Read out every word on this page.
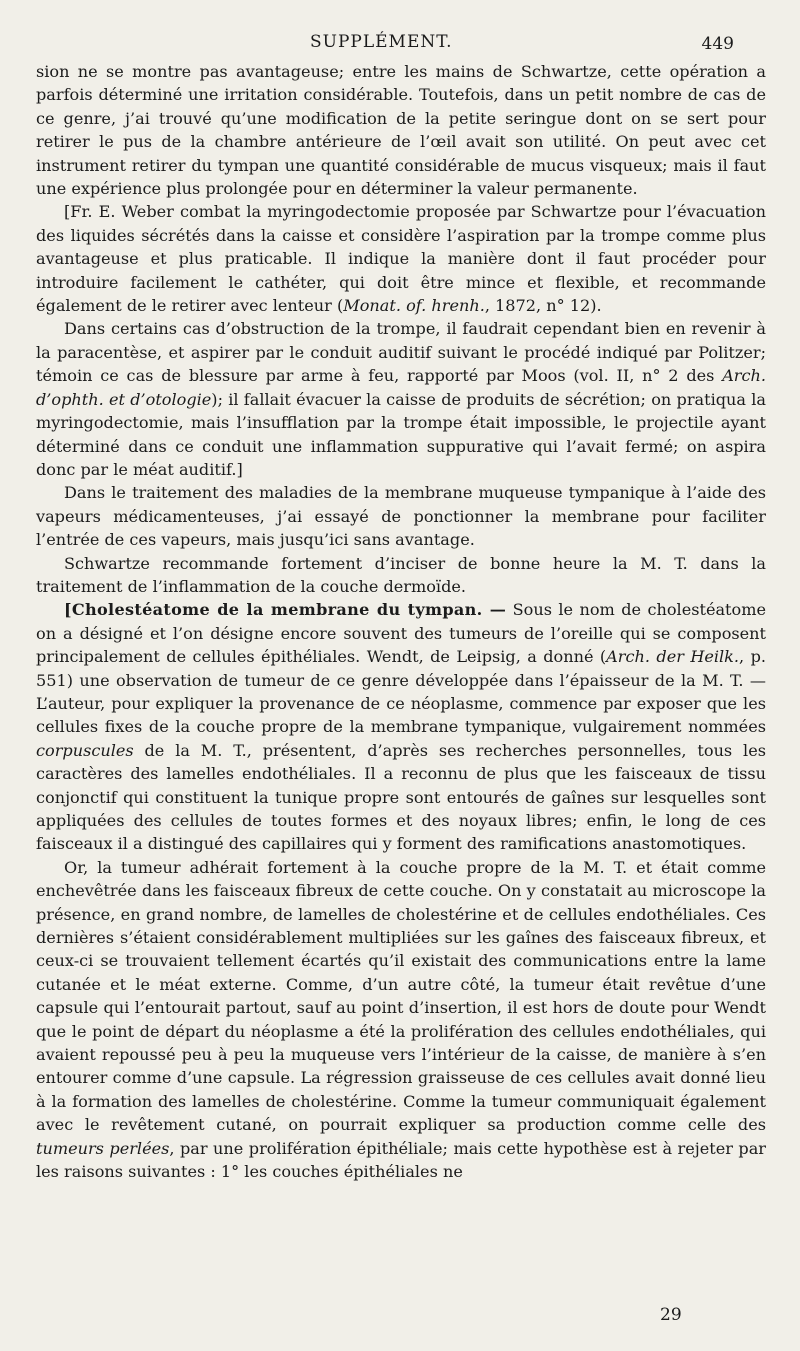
SUPPLÉMENT.	449

sion ne se montre pas avantageuse; entre les mains de Schwartze, cette opération a parfois déterminé une irritation considérable. Toutefois, dans un petit nombre de cas de ce genre, j’ai trouvé qu’une modification de la petite seringue dont on se sert pour retirer le pus de la chambre antérieure de l’œil avait son utilité. On peut avec cet instrument retirer du tympan une quantité considérable de mucus visqueux; mais il faut une expérience plus prolongée pour en déterminer la valeur permanente.

[Fr. E. Weber combat la myringodectomie proposée par Schwartze pour l’évacuation des liquides sécrétés dans la caisse et considère l’aspiration par la trompe comme plus avantageuse et plus praticable. Il indique la manière dont il faut procéder pour introduire facilement le cathéter, qui doit être mince et flexible, et recommande également de le retirer avec lenteur (Monat. of. hrenh., 1872, n° 12).

Dans certains cas d’obstruction de la trompe, il faudrait cependant bien en revenir à la paracentèse, et aspirer par le conduit auditif suivant le procédé indiqué par Politzer; témoin ce cas de blessure par arme à feu, rapporté par Moos (vol. II, n° 2 des Arch. d’ophth. et d’otologie); il fallait évacuer la caisse de produits de sécrétion; on pratiqua la myringodectomie, mais l’insufflation par la trompe était impossible, le projectile ayant déterminé dans ce conduit une inflammation suppurative qui l’avait fermé; on aspira donc par le méat auditif.]

Dans le traitement des maladies de la membrane muqueuse tympanique à l’aide des vapeurs médicamenteuses, j’ai essayé de ponctionner la membrane pour faciliter l’entrée de ces vapeurs, mais jusqu’ici sans avantage.

Schwartze recommande fortement d’inciser de bonne heure la M. T. dans la traitement de l’inflammation de la couche dermoïde.

[Cholestéatome de la membrane du tympan. — Sous le nom de cholestéatome on a désigné et l’on désigne encore souvent des tumeurs de l’oreille qui se composent principalement de cellules épithéliales. Wendt, de Leipsig, a donné (Arch. der Heilk., p. 551) une observation de tumeur de ce genre développée dans l’épaisseur de la M. T. — L’auteur, pour expliquer la provenance de ce néoplasme, commence par exposer que les cellules fixes de la couche propre de la membrane tympanique, vulgairement nommées corpuscules de la M. T., présentent, d’après ses recherches personnelles, tous les caractères des lamelles endothéliales. Il a reconnu de plus que les faisceaux de tissu conjonctif qui constituent la tunique propre sont entourés de gaînes sur lesquelles sont appliquées des cellules de toutes formes et des noyaux libres; enfin, le long de ces faisceaux il a distingué des capillaires qui y forment des ramifications anastomotiques.

Or, la tumeur adhérait fortement à la couche propre de la M. T. et était comme enchevêtrée dans les faisceaux fibreux de cette couche. On y constatait au microscope la présence, en grand nombre, de lamelles de cholestérine et de cellules endothéliales. Ces dernières s’étaient considérablement multipliées sur les gaînes des faisceaux fibreux, et ceux-ci se trouvaient tellement écartés qu’il existait des communications entre la lame cutanée et le méat externe. Comme, d’un autre côté, la tumeur était revêtue d’une capsule qui l’entourait partout, sauf au point d’insertion, il est hors de doute pour Wendt que le point de départ du néoplasme a été la prolifération des cellules endothéliales, qui avaient repoussé peu à peu la muqueuse vers l’intérieur de la caisse, de manière à s’en entourer comme d’une capsule. La régression graisseuse de ces cellules avait donné lieu à la formation des lamelles de cholestérine. Comme la tumeur communiquait également avec le revêtement cutané, on pourrait expliquer sa production comme celle des tumeurs perlées, par une prolifération épithéliale; mais cette hypothèse est à rejeter par les raisons suivantes : 1° les couches épithéliales ne

29
